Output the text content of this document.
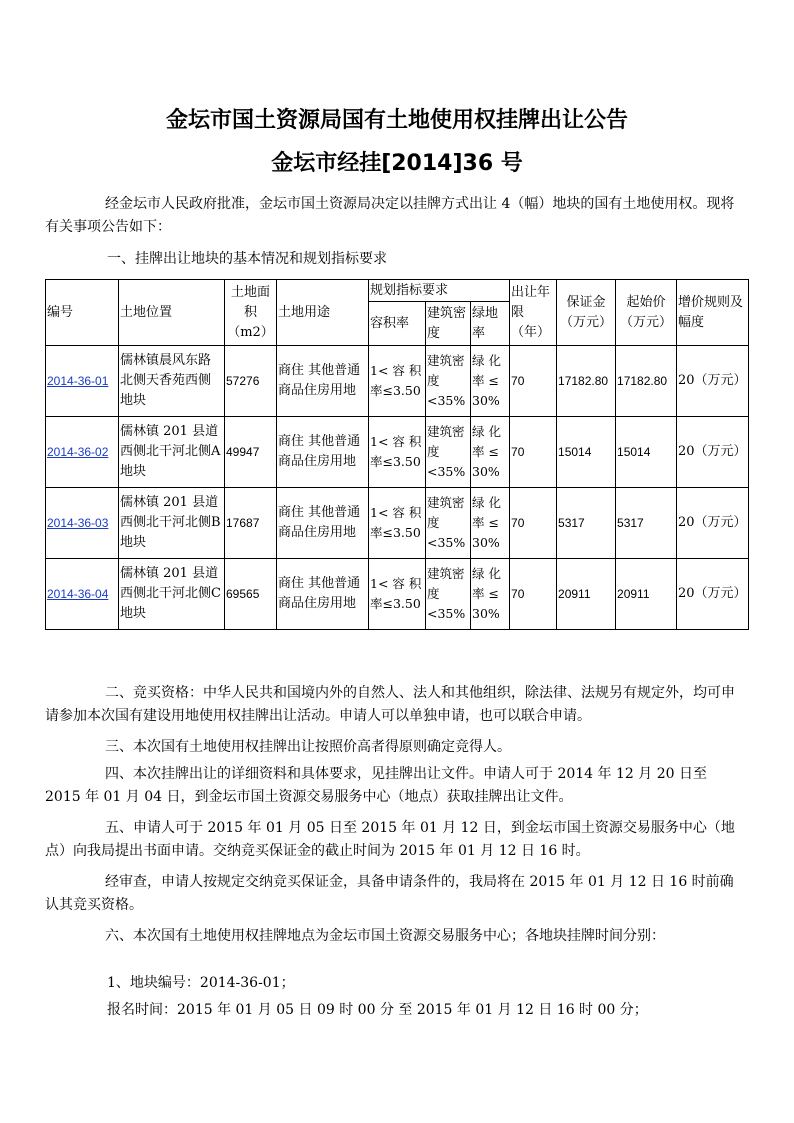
金坛市国土资源局国有土地使用权挂牌出让公告
金坛市经挂[2014]36 号
经金坛市人民政府批准，金坛市国土资源局决定以挂牌方式出让 4（幅）地块的国有土地使用权。现将有关事项公告如下：
一、挂牌出让地块的基本情况和规划指标要求
编号	土地位置	土地面积（m2）	土地用途	规划指标要求			出让年限（年）	保证金（万元）	起始价（万元）	增价规则及幅度
				容积率	建筑密度	绿地率				
2014-36-01	儒林镇晨风东路北侧天香苑西侧地块	57276	商住 其他普通商品住房用地	1< 容 积 率≤3.50	建筑密度 <35%	绿 化 率 ≤ 30%	70	17182.80	17182.80	20（万元）
2014-36-02	儒林镇 201 县道西侧北干河北侧A 地块	49947	商住 其他普通商品住房用地	1< 容 积 率≤3.50	建筑密度 <35%	绿 化 率 ≤ 30%	70	15014	15014	20（万元）
2014-36-03	儒林镇 201 县道西侧北干河北侧B 地块	17687	商住 其他普通商品住房用地	1< 容 积 率≤3.50	建筑密度 <35%	绿 化 率 ≤ 30%	70	5317	5317	20（万元）
2014-36-04	儒林镇 201 县道西侧北干河北侧C 地块	69565	商住 其他普通商品住房用地	1< 容 积 率≤3.50	建筑密度 <35%	绿 化 率 ≤ 30%	70	20911	20911	20（万元）
二、竞买资格：中华人民共和国境内外的自然人、法人和其他组织，除法律、法规另有规定外，均可申请参加本次国有建设用地使用权挂牌出让活动。申请人可以单独申请，也可以联合申请。
三、本次国有土地使用权挂牌出让按照价高者得原则确定竞得人。
四、本次挂牌出让的详细资料和具体要求，见挂牌出让文件。申请人可于 2014 年 12 月 20 日至 2015 年 01 月 04 日，到金坛市国土资源交易服务中心（地点）获取挂牌出让文件。
五、申请人可于 2015 年 01 月 05 日至 2015 年 01 月 12 日，到金坛市国土资源交易服务中心（地点）向我局提出书面申请。交纳竞买保证金的截止时间为 2015 年 01 月 12 日 16 时。
经审查，申请人按规定交纳竞买保证金，具备申请条件的，我局将在 2015 年 01 月 12 日 16 时前确认其竞买资格。
六、本次国有土地使用权挂牌地点为金坛市国土资源交易服务中心；各地块挂牌时间分别：
1、地块编号：2014-36-01；
报名时间：2015 年 01 月 05 日 09 时 00 分 至 2015 年 01 月 12 日 16 时 00 分；
